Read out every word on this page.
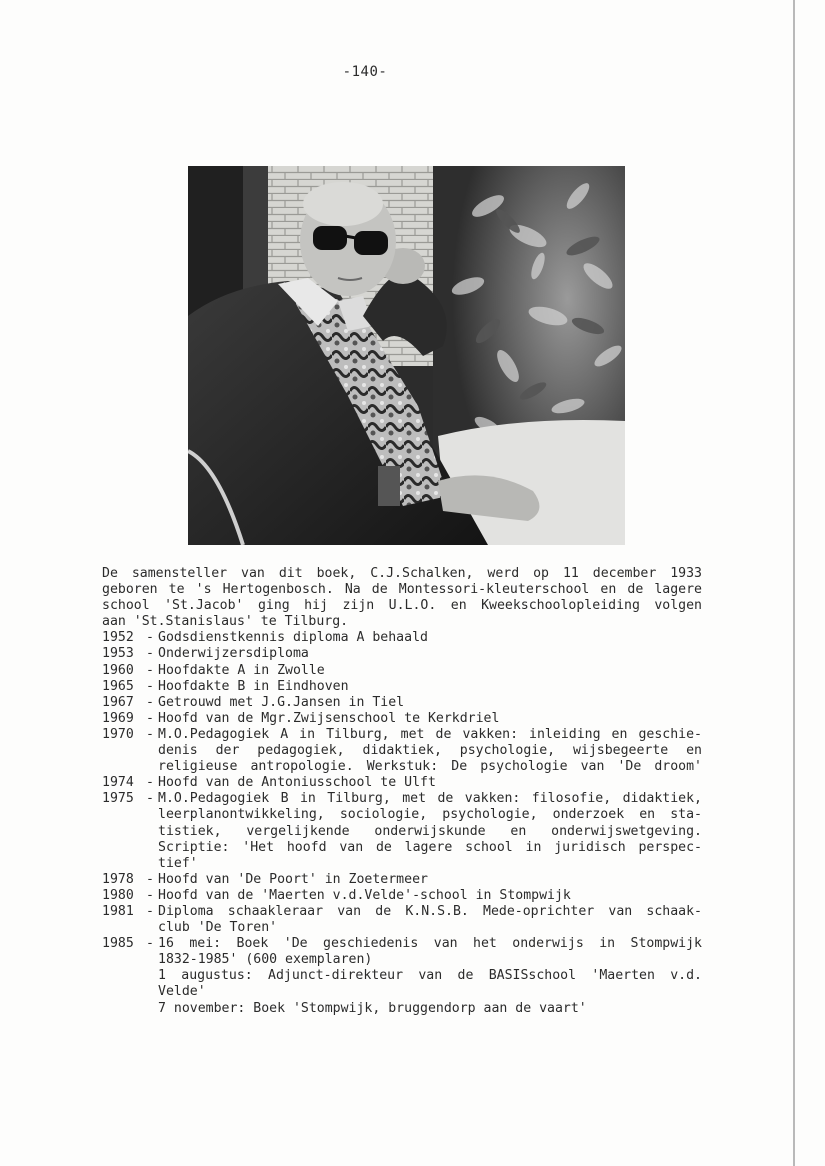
-140-
De samensteller van dit boek, C.J.Schalken, werd op 11 december 1933
geboren te 's Hertogenbosch. Na de Montessori-kleuterschool en de lagere
school 'St.Jacob' ging hij zijn U.L.O. en Kweekschoolopleiding volgen
aan 'St.Stanislaus' te Tilburg.
1952 - Godsdienstkennis diploma A behaald
1953 - Onderwijzersdiploma
1960 - Hoofdakte A in Zwolle
1965 - Hoofdakte B in Eindhoven
1967 - Getrouwd met J.G.Jansen in Tiel
1969 - Hoofd van de Mgr.Zwijsenschool te Kerkdriel
1970 - M.O.Pedagogiek A in Tilburg, met de vakken: inleiding en geschie-
denis der pedagogiek, didaktiek, psychologie, wijsbegeerte en
religieuse antropologie. Werkstuk: De psychologie van 'De droom'
1974 - Hoofd van de Antoniusschool te Ulft
1975 - M.O.Pedagogiek B in Tilburg, met de vakken: filosofie, didaktiek,
leerplanontwikkeling, sociologie, psychologie, onderzoek en sta-
tistiek, vergelijkende onderwijskunde en onderwijswetgeving.
Scriptie: 'Het hoofd van de lagere school in juridisch perspec-
tief'
1978 - Hoofd van 'De Poort' in Zoetermeer
1980 - Hoofd van de 'Maerten v.d.Velde'-school in Stompwijk
1981 - Diploma schaakleraar van de K.N.S.B. Mede-oprichter van schaak-
club 'De Toren'
1985 - 16 mei: Boek 'De geschiedenis van het onderwijs in Stompwijk
1832-1985' (600 exemplaren)
1 augustus: Adjunct-direkteur van de BASISschool 'Maerten v.d.
Velde'
7 november: Boek 'Stompwijk, bruggendorp aan de vaart'
